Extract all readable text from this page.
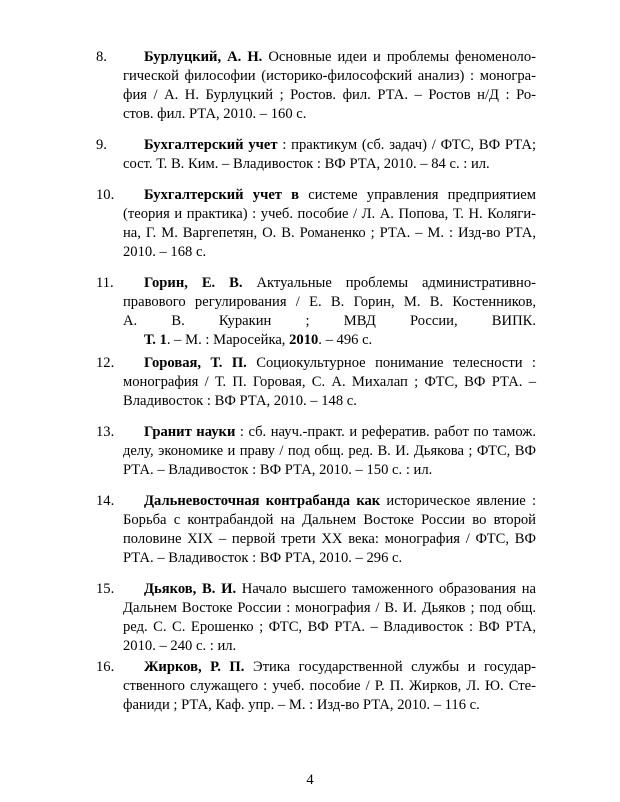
8.	Бурлуцкий, А. Н. Основные идеи и проблемы феноменоло-
гической философии (историко-философский анализ) : моногра-
фия / А. Н. Бурлуцкий ; Ростов. фил. РТА. – Ростов н/Д : Ро-
стов. фил. РТА, 2010. – 160 с.
9.	Бухгалтерский учет : практикум (сб. задач) / ФТС, ВФ РТА;
сост. Т. В. Ким. – Владивосток : ВФ РТА, 2010. – 84 с. : ил.
10.	Бухгалтерский учет в системе управления предприятием
(теория и практика) : учеб. пособие / Л. А. Попова, Т. Н. Коляги-
на, Г. М. Варгепетян, О. В. Романенко ; РТА. – М. : Изд-во РТА,
2010. – 168 с.
11.	Горин, Е. В. Актуальные проблемы административно-
правового регулирования / Е. В. Горин, М. В. Костенников,
А. В. Куракин ; МВД России, ВИПК.
Т. 1. – М. : Маросейка, 2010. – 496 с.
12.	Горовая, Т. П. Социокультурное понимание телесности :
монография / Т. П. Горовая, С. А. Михалап ; ФТС, ВФ РТА. –
Владивосток : ВФ РТА, 2010. – 148 с.
13.	Гранит науки : сб. науч.-практ. и рефератив. работ по тамож.
делу, экономике и праву / под общ. ред. В. И. Дьякова ; ФТС, ВФ
РТА. – Владивосток : ВФ РТА, 2010. – 150 с. : ил.
14.	Дальневосточная контрабанда как историческое явление :
Борьба с контрабандой на Дальнем Востоке России во второй
половине XIX – первой трети XX века: монография / ФТС, ВФ
РТА. – Владивосток : ВФ РТА, 2010. – 296 с.
15.	Дьяков, В. И. Начало высшего таможенного образования на
Дальнем Востоке России : монография / В. И. Дьяков ; под общ.
ред. С. С. Ерошенко ; ФТС, ВФ РТА. – Владивосток : ВФ РТА,
2010. – 240 с. : ил.
16.	Жирков, Р. П. Этика государственной службы и государ-
ственного служащего : учеб. пособие / Р. П. Жирков, Л. Ю. Сте-
фаниди ; РТА, Каф. упр. – М. : Изд-во РТА, 2010. – 116 с.
4
